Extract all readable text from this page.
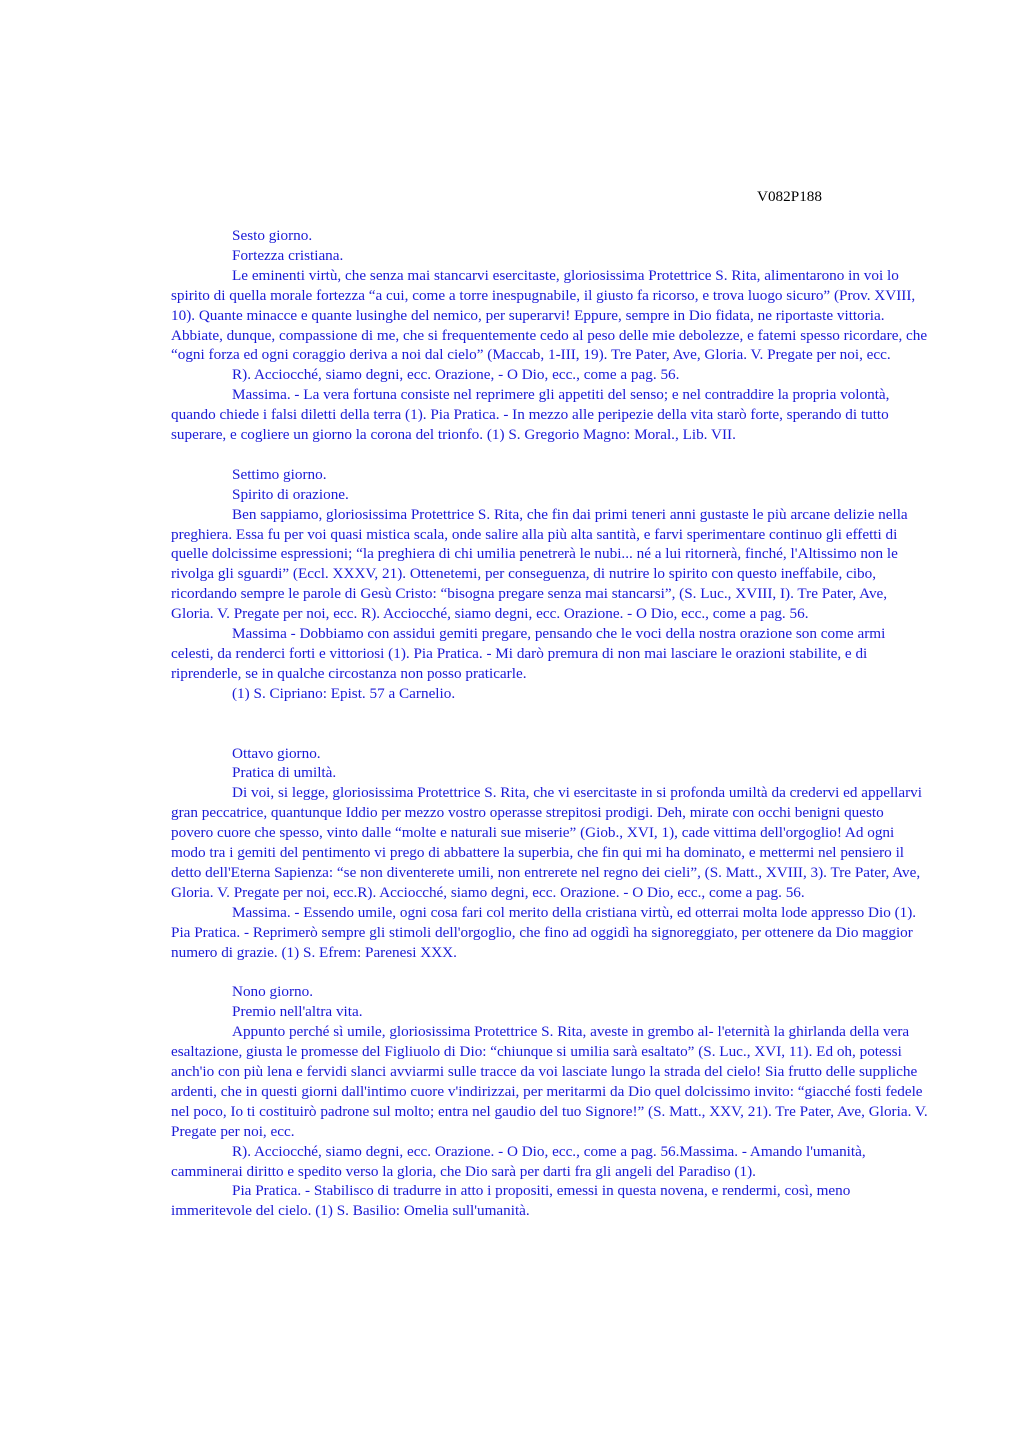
V082P188

Sesto giorno.

Fortezza cristiana.

Le eminenti virtù, che senza mai stancarvi esercitaste, gloriosissima Protettrice S. Rita, alimentarono in voi lo spirito di quella morale fortezza “a cui, come a torre inespugnabile, il giusto fa ricorso, e trova luogo sicuro” (Prov. XVIII, 10). Quante minacce e quante lusinghe del nemico, per superarvi! Eppure, sempre in Dio fidata, ne riportaste vittoria. Abbiate, dunque, compassione di me, che si frequentemente cedo al peso delle mie debolezze, e fatemi spesso ricordare, che “ogni forza ed ogni coraggio deriva a noi dal cielo” (Maccab, 1-III, 19). Tre Pater, Ave, Gloria. V. Pregate per noi, ecc.

R). Acciocché, siamo degni, ecc. Orazione, - O Dio, ecc., come a pag. 56.

Massima. - La vera fortuna consiste nel reprimere gli appetiti del senso; e nel contraddire la propria volontà, quando chiede i falsi diletti della terra (1). Pia Pratica. - In mezzo alle peripezie della vita starò forte, sperando di tutto superare, e cogliere un giorno la corona del trionfo. (1) S. Gregorio Magno: Moral., Lib. VII.

Settimo giorno.

Spirito di orazione.

Ben sappiamo, gloriosissima Protettrice S. Rita, che fin dai primi teneri anni gustaste le più arcane delizie nella preghiera. Essa fu per voi quasi mistica scala, onde salire alla più alta santità, e farvi sperimentare continuo gli effetti di quelle dolcissime espressioni; “la preghiera di chi umilia penetrerà le nubi... né a lui ritornerà, finché, l'Altissimo non le rivolga gli sguardi” (Eccl. XXXV, 21). Ottenetemi, per conseguenza, di nutrire lo spirito con questo ineffabile, cibo, ricordando sempre le parole di Gesù Cristo: “bisogna pregare senza mai stancarsi”, (S. Luc., XVIII, I). Tre Pater, Ave, Gloria. V. Pregate per noi, ecc. R). Acciocché, siamo degni, ecc. Orazione. - O Dio, ecc., come a pag. 56.

Massima - Dobbiamo con assidui gemiti pregare, pensando che le voci della nostra orazione son come armi celesti, da renderci forti e vittoriosi (1). Pia Pratica. - Mi darò premura di non mai lasciare le orazioni stabilite, e di riprenderle, se in qualche circostanza non posso praticarle.

(1) S. Cipriano: Epist. 57 a Carnelio.

Ottavo giorno.

Pratica di umiltà.

Di voi, si legge, gloriosissima Protettrice S. Rita, che vi esercitaste in si profonda umiltà da credervi ed appellarvi gran peccatrice, quantunque Iddio per mezzo vostro operasse strepitosi prodigi. Deh, mirate con occhi benigni questo povero cuore che spesso, vinto dalle “molte e naturali sue miserie” (Giob., XVI, 1), cade vittima dell'orgoglio! Ad ogni modo tra i gemiti del pentimento vi prego di abbattere la superbia, che fin qui mi ha dominato, e mettermi nel pensiero il detto dell'Eterna Sapienza: “se non diventerete umili, non entrerete nel regno dei cieli”, (S. Matt., XVIII, 3). Tre Pater, Ave, Gloria. V. Pregate per noi, ecc.R). Acciocché, siamo degni, ecc. Orazione. - O Dio, ecc., come a pag. 56.

Massima. - Essendo umile, ogni cosa fari col merito della cristiana virtù, ed otterrai molta lode appresso Dio (1). Pia Pratica. - Reprimerò sempre gli stimoli dell'orgoglio, che fino ad oggidì ha signoreggiato, per ottenere da Dio maggior numero di grazie. (1) S. Efrem: Parenesi XXX.

Nono giorno.

Premio nell'altra vita.

Appunto perché sì umile, gloriosissima Protettrice S. Rita, aveste in grembo al- l'eternità la ghirlanda della vera esaltazione, giusta le promesse del Figliuolo di Dio: “chiunque si umilia sarà esaltato” (S. Luc., XVI, 11). Ed oh, potessi anch'io con più lena e fervidi slanci avviarmi sulle tracce da voi lasciate lungo la strada del cielo! Sia frutto delle suppliche ardenti, che in questi giorni dall'intimo cuore v'indirizzai, per meritarmi da Dio quel dolcissimo invito: “giacché fosti fedele nel poco, Io ti costituirò padrone sul molto; entra nel gaudio del tuo Signore!” (S. Matt., XXV, 21). Tre Pater, Ave, Gloria. V. Pregate per noi, ecc.

R). Acciocché, siamo degni, ecc. Orazione. - O Dio, ecc., come a pag. 56.Massima. - Amando l'umanità, camminerai diritto e spedito verso la gloria, che Dio sarà per darti fra gli angeli del Paradiso (1).

Pia Pratica. - Stabilisco di tradurre in atto i propositi, emessi in questa novena, e rendermi, così, meno immeritevole del cielo. (1) S. Basilio: Omelia sull'umanità.
